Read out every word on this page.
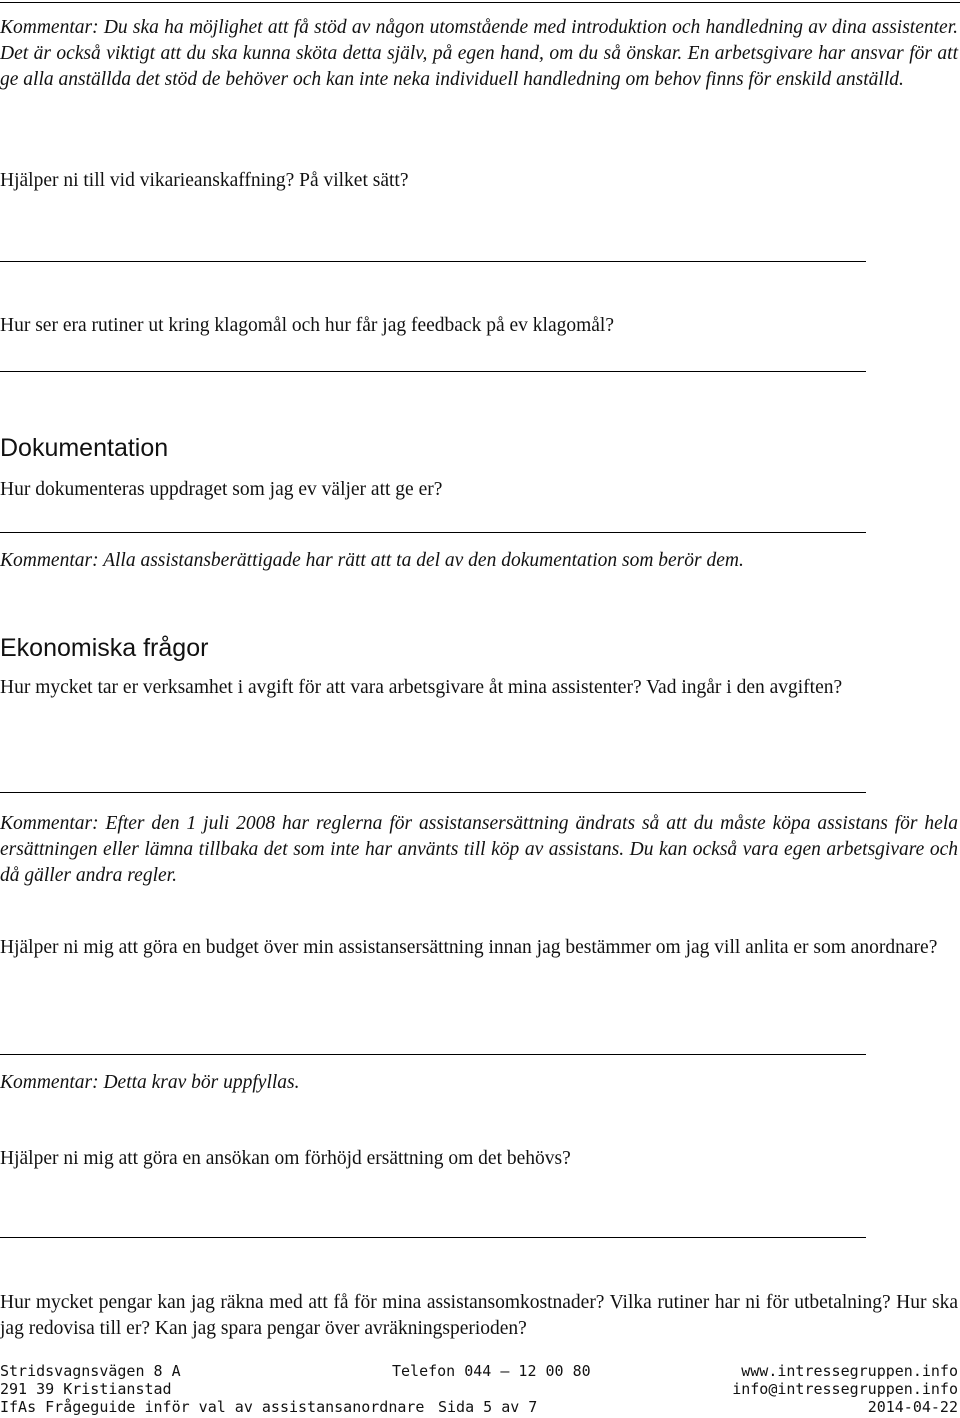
Kommentar: Du ska ha möjlighet att få stöd av någon utomstående med introduktion och handledning av dina assistenter. Det är också viktigt att du ska kunna sköta detta själv, på egen hand, om du så önskar. En arbetsgivare har ansvar för att ge alla anställda det stöd de behöver och kan inte neka individuell handledning om behov finns för enskild anställd.

Hjälper ni till vid vikarieanskaffning? På vilket sätt?

Hur ser era rutiner ut kring klagomål och hur får jag feedback på ev klagomål?

Dokumentation

Hur dokumenteras uppdraget som jag ev väljer att ge er?

Kommentar: Alla assistansberättigade har rätt att ta del av den dokumentation som berör dem.

Ekonomiska frågor

Hur mycket tar er verksamhet i avgift för att vara arbetsgivare åt mina assistenter? Vad ingår i den avgiften?

Kommentar: Efter den 1 juli 2008 har reglerna för assistansersättning ändrats så att du måste köpa assistans för hela ersättningen eller lämna tillbaka det som inte har använts till köp av assistans. Du kan också vara egen arbetsgivare och då gäller andra regler.

Hjälper ni mig att göra en budget över min assistansersättning innan jag bestämmer om jag vill anlita er som anordnare?

Kommentar: Detta krav bör uppfyllas.

Hjälper ni mig att göra en ansökan om förhöjd ersättning om det behövs?

Hur mycket pengar kan jag räkna med att få för mina assistansomkostnader? Vilka rutiner har ni för utbetalning? Hur ska jag redovisa till er? Kan jag spara pengar över avräkningsperioden?

Stridsvagnsvägen 8 A	Telefon 044 – 12 00 80	www.intressegruppen.info
291 39 Kristianstad	info@intressegruppen.info
IfAs Frågeguide inför val av assistansanordnare Sida 5 av 7	2014-04-22
